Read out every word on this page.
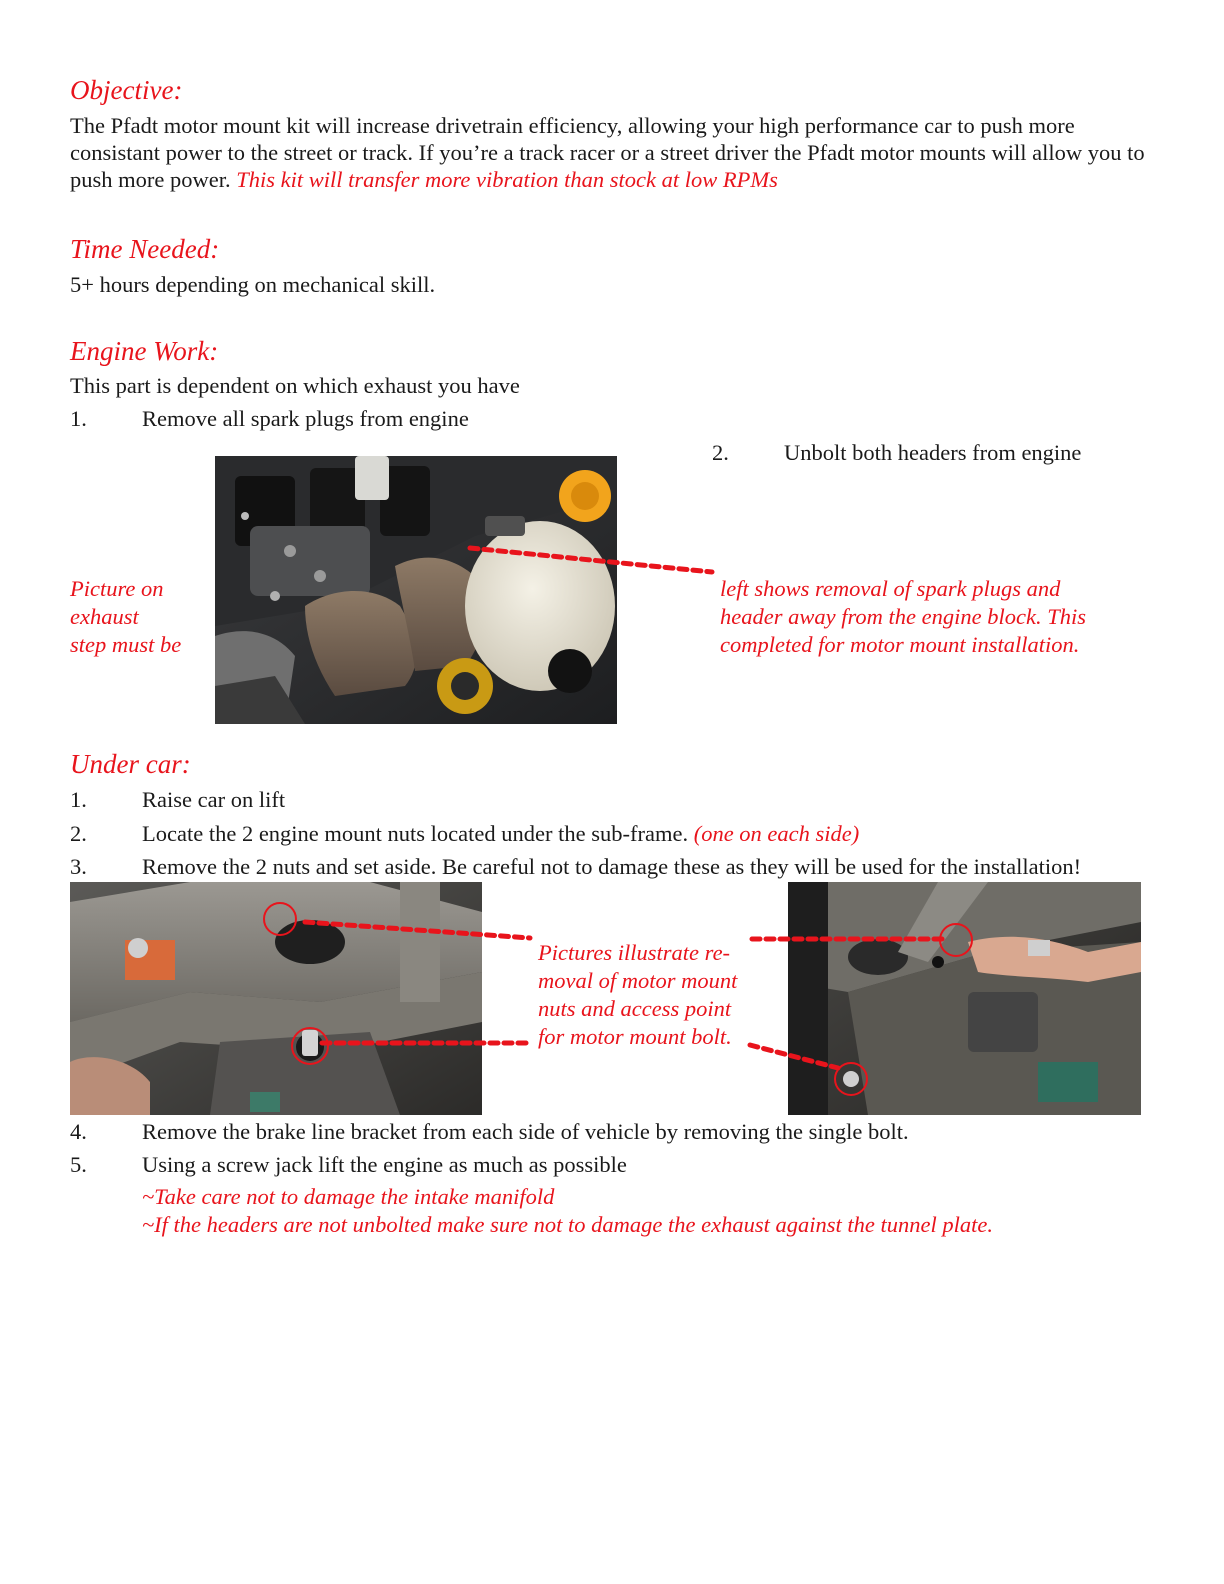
Objective:
The Pfadt motor mount kit will increase drivetrain efficiency, allowing your high performance car to push more consistant power to the street or track. If you’re a track racer or a street driver the Pfadt motor mounts will allow you to push more power. This kit will transfer more vibration than stock at low RPMs
Time Needed:
5+ hours depending on mechanical skill.
Engine Work:
This part is dependent on which exhaust you have
1. Remove all spark plugs from engine
2. Unbolt both headers from engine
Picture on
exhaust
step must be
left shows removal of spark plugs and
header away from the engine block. This
completed for motor mount installation.
Under car:
1. Raise car on lift
2. Locate the 2 engine mount nuts located under the sub-frame. (one on each side)
3. Remove the 2 nuts and set aside. Be careful not to damage these as they will be used for the installation!
Pictures illustrate re-
moval of motor mount
nuts and access point
for motor mount bolt.
4. Remove the brake line bracket from each side of vehicle by removing the single bolt.
5. Using a screw jack lift the engine as much as possible
~Take care not to damage the intake manifold
~If the headers are not unbolted make sure not to damage the exhaust against the tunnel plate.
